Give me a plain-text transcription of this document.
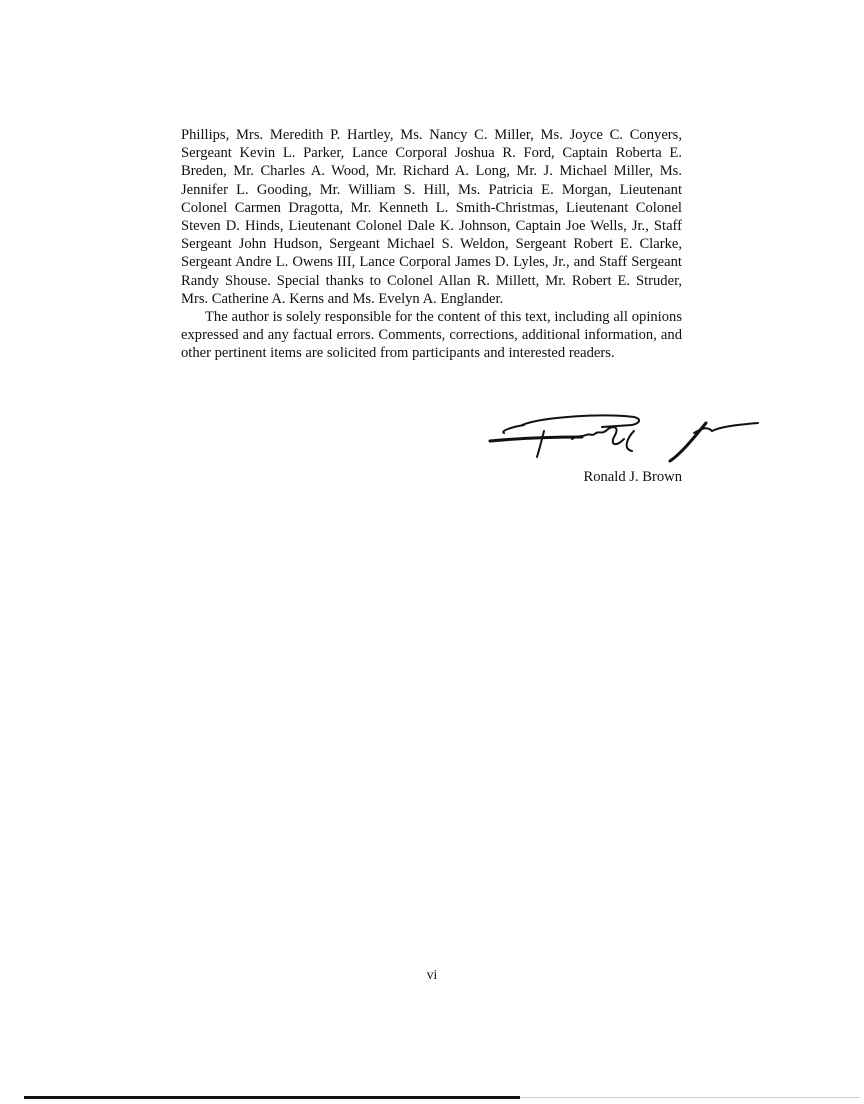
Phillips, Mrs. Meredith P. Hartley, Ms. Nancy C. Miller, Ms. Joyce C. Conyers, Sergeant Kevin L. Parker, Lance Corporal Joshua R. Ford, Captain Roberta E. Breden, Mr. Charles A. Wood, Mr. Richard A. Long, Mr. J. Michael Miller, Ms. Jennifer L. Gooding, Mr. William S. Hill, Ms. Patricia E. Morgan, Lieutenant Colonel Carmen Dragotta, Mr. Kenneth L. Smith-Christmas, Lieutenant Colonel Steven D. Hinds, Lieutenant Colonel Dale K. Johnson, Captain Joe Wells, Jr., Staff Sergeant John Hudson, Sergeant Michael S. Weldon, Sergeant Robert E. Clarke, Sergeant Andre L. Owens III, Lance Corporal James D. Lyles, Jr., and Staff Sergeant Randy Shouse. Special thanks to Colonel Allan R. Millett, Mr. Robert E. Struder, Mrs. Catherine A. Kerns and Ms. Evelyn A. Englander.

The author is solely responsible for the content of this text, including all opinions expressed and any factual errors. Comments, corrections, additional information, and other pertinent items are solicited from participants and interested readers.

Ronald J. Brown
vi
